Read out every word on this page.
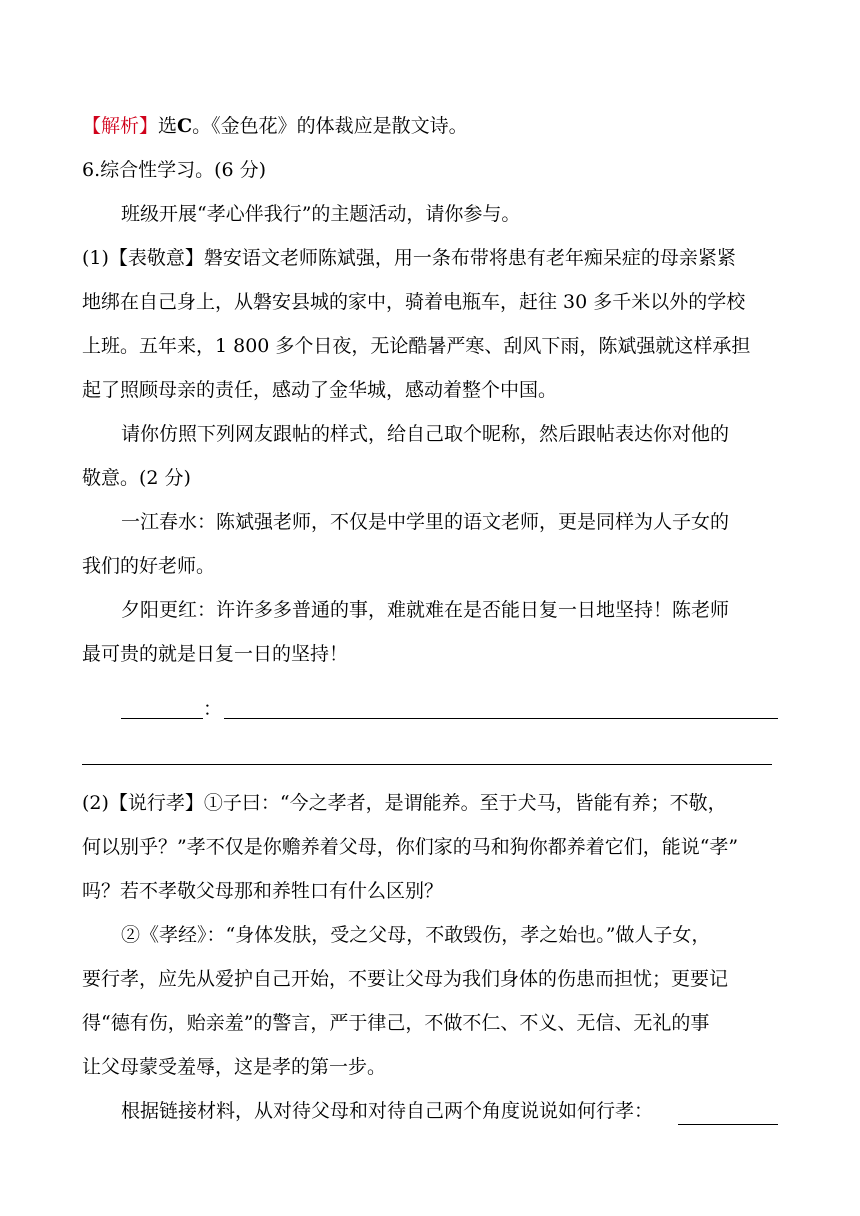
【解析】选C。《金色花》的体裁应是散文诗。
6.综合性学习。(6 分)
班级开展“孝心伴我行”的主题活动，请你参与。
(1)【表敬意】磐安语文老师陈斌强，用一条布带将患有老年痴呆症的母亲紧紧
地绑在自己身上，从磐安县城的家中，骑着电瓶车，赶往 30 多千米以外的学校
上班。五年来，1 800 多个日夜，无论酷暑严寒、刮风下雨，陈斌强就这样承担
起了照顾母亲的责任，感动了金华城，感动着整个中国。
请你仿照下列网友跟帖的样式，给自己取个昵称，然后跟帖表达你对他的
敬意。(2 分)
一江春水：陈斌强老师，不仅是中学里的语文老师，更是同样为人子女的
我们的好老师。
夕阳更红：许许多多普通的事，难就难在是否能日复一日地坚持！陈老师
最可贵的就是日复一日的坚持！
：
(2)【说行孝】①子曰：“今之孝者，是谓能养。至于犬马，皆能有养；不敬，
何以别乎？”孝不仅是你赡养着父母，你们家的马和狗你都养着它们，能说“孝”
吗？若不孝敬父母那和养牲口有什么区别？
②《孝经》：“身体发肤，受之父母，不敢毁伤，孝之始也。”做人子女，
要行孝，应先从爱护自己开始，不要让父母为我们身体的伤患而担忧；更要记
得“德有伤，贻亲羞”的警言，严于律己，不做不仁、不义、无信、无礼的事
让父母蒙受羞辱，这是孝的第一步。
根据链接材料，从对待父母和对待自己两个角度说说如何行孝：
